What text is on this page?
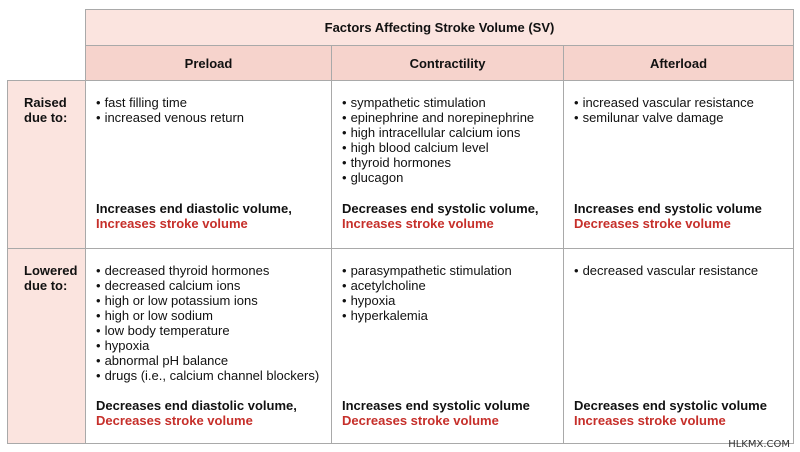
Factors Affecting Stroke Volume (SV)
Preload	Contractility	Afterload
Raised
due to:
• fast filling time
• increased venous return
Increases end diastolic volume,
Increases stroke volume
• sympathetic stimulation
• epinephrine and norepinephrine
• high intracellular calcium ions
• high blood calcium level
• thyroid hormones
• glucagon
Decreases end systolic volume,
Increases stroke volume
• increased vascular resistance
• semilunar valve damage
Increases end systolic volume
Decreases stroke volume
Lowered
due to:
• decreased thyroid hormones
• decreased calcium ions
• high or low potassium ions
• high or low sodium
• low body temperature
• hypoxia
• abnormal pH balance
• drugs (i.e., calcium channel blockers)
Decreases end diastolic volume,
Decreases stroke volume
• parasympathetic stimulation
• acetylcholine
• hypoxia
• hyperkalemia
Increases end systolic volume
Decreases stroke volume
• decreased vascular resistance
Decreases end systolic volume
Increases stroke volume
HLKMX.COM
